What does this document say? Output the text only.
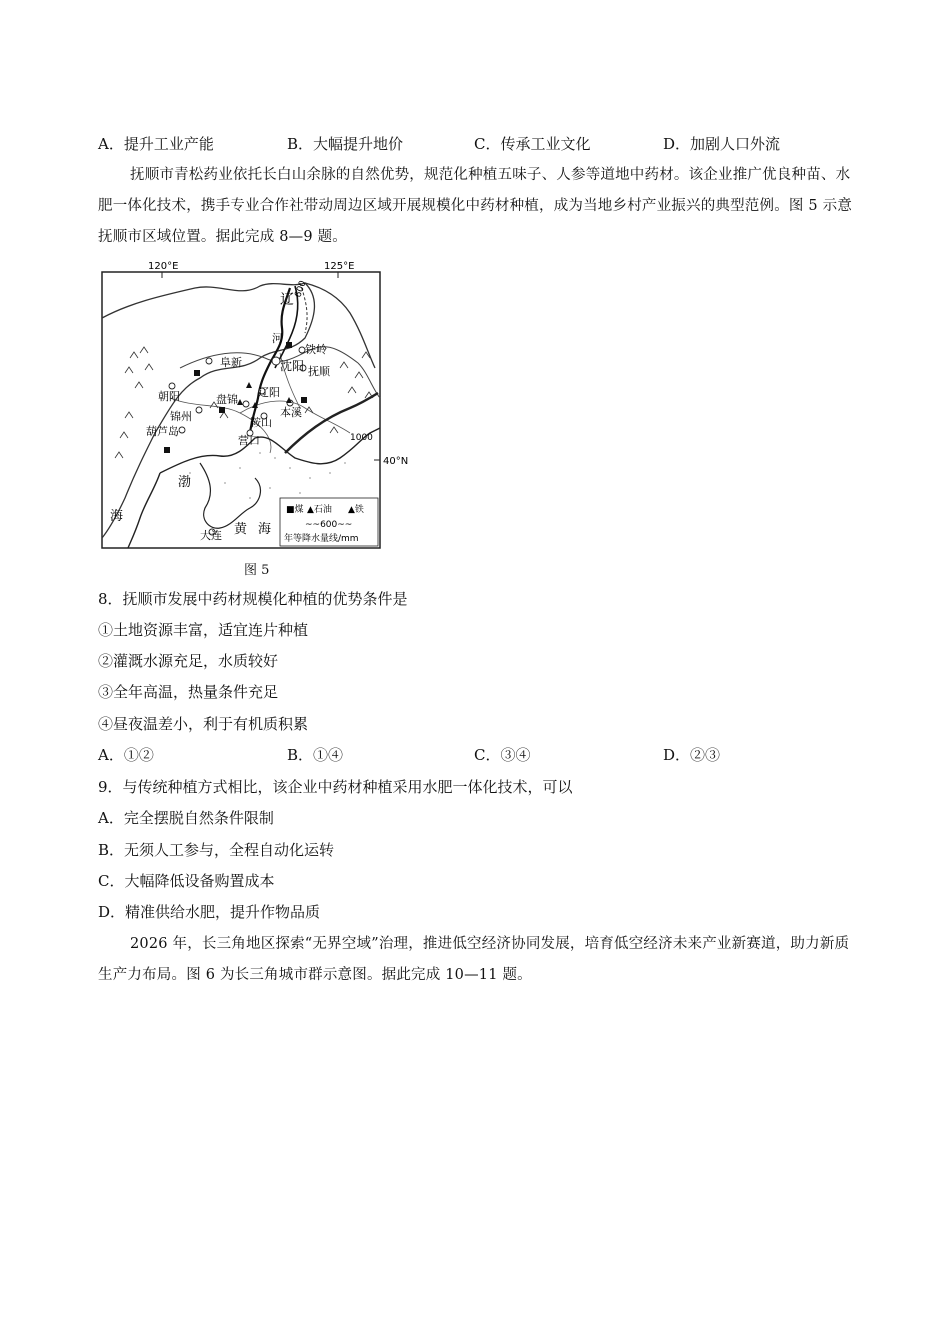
A．提升工业产能	B．大幅提升地价	C．传承工业文化	D．加剧人口外流
抚顺市青松药业依托长白山余脉的自然优势，规范化种植五味子、人参等道地中药材。该企业推广优良种苗、水肥一体化技术，携手专业合作社带动周边区域开展规模化中药材种植，成为当地乡村产业振兴的典型范例。图 5 示意抚顺市区域位置。据此完成 8—9 题。
120°E	125°E
600
1000
辽
河
阜新
铁岭
沈阳 抚顺
朝阳	盘锦
辽阳
本溪
锦州	鞍山
葫芦岛
营口
大连
渤
海
黄 海
■煤 ▲石油 ▲铁
~~600~~
年等降水量线/mm
40°N
图 5
8．抚顺市发展中药材规模化种植的优势条件是
①土地资源丰富，适宜连片种植
②灌溉水源充足，水质较好
③全年高温，热量条件充足
④昼夜温差小，利于有机质积累
A．①②	B．①④	C．③④	D．②③
9．与传统种植方式相比，该企业中药材种植采用水肥一体化技术，可以
A．完全摆脱自然条件限制
B．无须人工参与，全程自动化运转
C．大幅降低设备购置成本
D．精准供给水肥，提升作物品质
2026 年，长三角地区探索“无界空域”治理，推进低空经济协同发展，培育低空经济未来产业新赛道，助力新质生产力布局。图 6 为长三角城市群示意图。据此完成 10—11 题。
